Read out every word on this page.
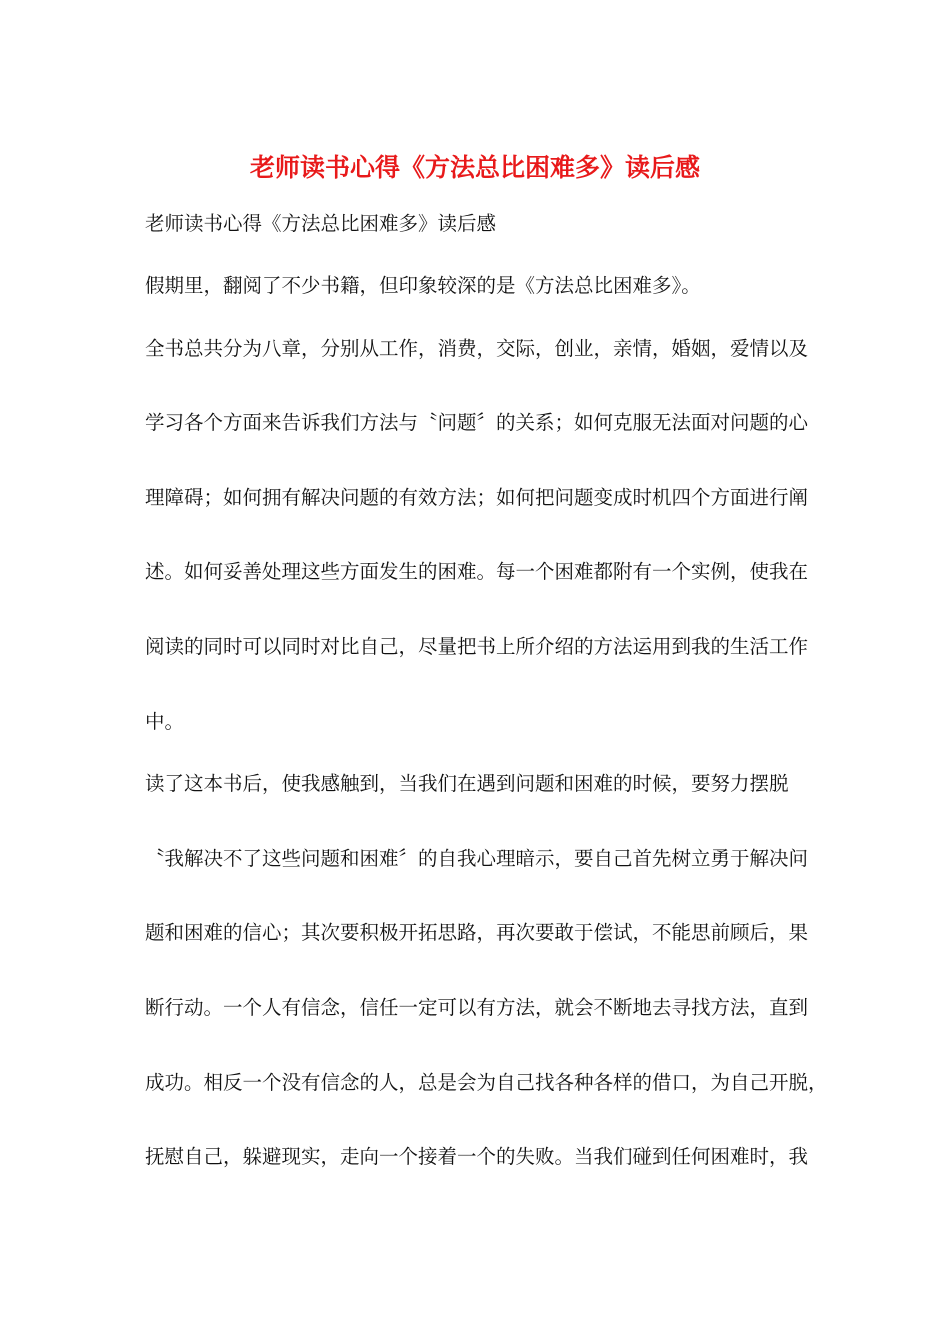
老师读书心得《方法总比困难多》读后感

老师读书心得《方法总比困难多》读后感

假期里，翻阅了不少书籍，但印象较深的是《方法总比困难多》。

全书总共分为八章，分别从工作，消费，交际，创业，亲情，婚姻，爱情以及

学习各个方面来告诉我们方法与〝问题〞的关系；如何克服无法面对问题的心

理障碍；如何拥有解决问题的有效方法；如何把问题变成时机四个方面进行阐

述。如何妥善处理这些方面发生的困难。每一个困难都附有一个实例，使我在

阅读的同时可以同时对比自己，尽量把书上所介绍的方法运用到我的生活工作

中。

读了这本书后，使我感触到，当我们在遇到问题和困难的时候，要努力摆脱

〝我解决不了这些问题和困难〞的自我心理暗示，要自己首先树立勇于解决问

题和困难的信心；其次要积极开拓思路，再次要敢于偿试，不能思前顾后，果

断行动。一个人有信念，信任一定可以有方法，就会不断地去寻找方法，直到

成功。相反一个没有信念的人，总是会为自己找各种各样的借口，为自己开脱，

抚慰自己，躲避现实，走向一个接着一个的失败。当我们碰到任何困难时，我
